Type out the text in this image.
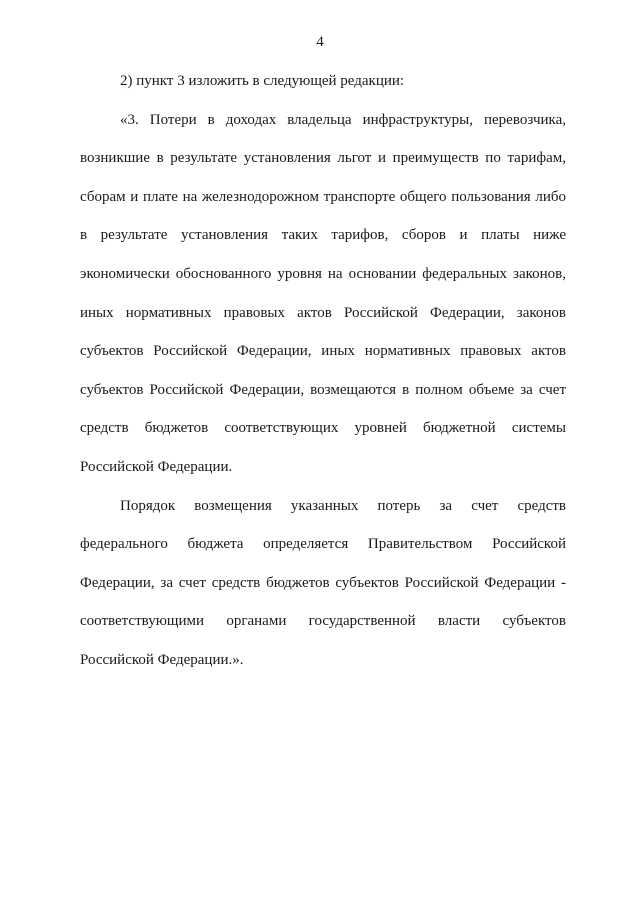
4
2) пункт 3 изложить в следующей редакции:
«3. Потери в доходах владельца инфраструктуры, перевозчика,
возникшие в результате установления льгот и преимуществ по тарифам,
сборам и плате на железнодорожном транспорте общего пользования либо
в результате установления таких тарифов, сборов и платы ниже
экономически обоснованного уровня на основании федеральных законов,
иных нормативных правовых актов Российской Федерации, законов
субъектов Российской Федерации, иных нормативных правовых актов
субъектов Российской Федерации, возмещаются в полном объеме за счет
средств бюджетов соответствующих уровней бюджетной системы
Российской Федерации.
Порядок возмещения указанных потерь за счет средств
федерального бюджета определяется Правительством Российской
Федерации, за счет средств бюджетов субъектов Российской Федерации -
соответствующими органами государственной власти субъектов
Российской Федерации.».
